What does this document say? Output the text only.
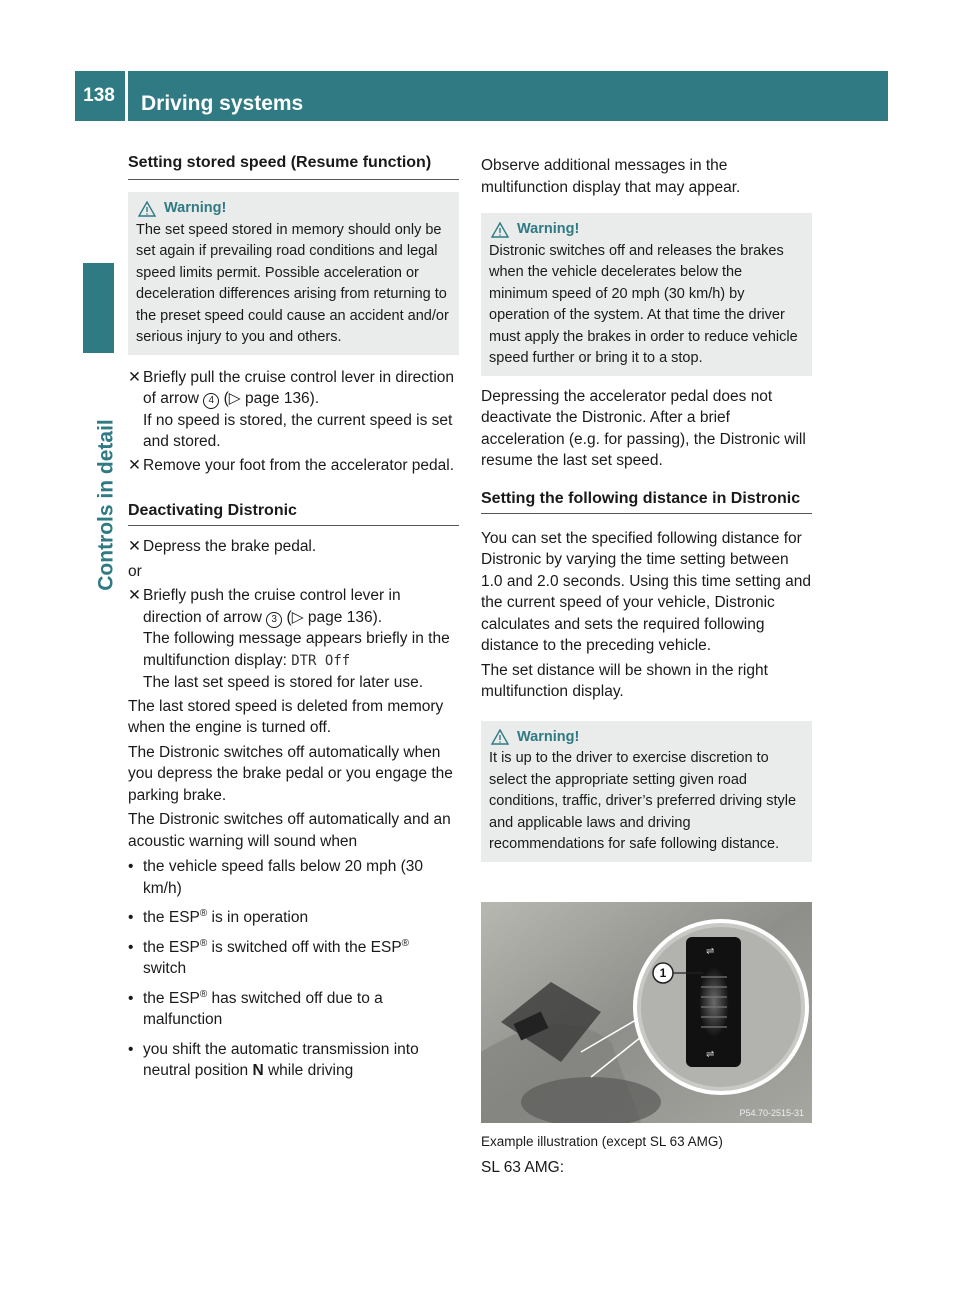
138	Driving systems
Controls in detail
Setting stored speed (Resume function)
Warning!

The set speed stored in memory should only be set again if prevailing road conditions and legal speed limits permit. Possible acceleration or deceleration differences arising from returning to the preset speed could cause an accident and/or serious injury to you and others.

✕ Briefly pull the cruise control lever in direction of arrow 4 (▷ page 136).

If no speed is stored, the current speed is set and stored.

✕ Remove your foot from the accelerator pedal.

Deactivating Distronic
✕ Depress the brake pedal.

or

✕ Briefly push the cruise control lever in direction of arrow 3 (▷ page 136).

The following message appears briefly in the multifunction display: DTR Off

The last set speed is stored for later use.

The last stored speed is deleted from memory when the engine is turned off.

The Distronic switches off automatically when you depress the brake pedal or you engage the parking brake.

The Distronic switches off automatically and an acoustic warning will sound when

• the vehicle speed falls below 20 mph (30 km/h)

• the ESP® is in operation

• the ESP® is switched off with the ESP®
switch

• the ESP® has switched off due to a malfunction

• you shift the automatic transmission into neutral position N while driving

Observe additional messages in the multifunction display that may appear.

Warning!

Distronic switches off and releases the brakes when the vehicle decelerates below the minimum speed of 20 mph (30 km/h) by operation of the system. At that time the driver must apply the brakes in order to reduce vehicle speed further or bring it to a stop.

Depressing the accelerator pedal does not deactivate the Distronic. After a brief acceleration (e.g. for passing), the Distronic will resume the last set speed.

Setting the following distance in Distronic

You can set the specified following distance for Distronic by varying the time setting between 1.0 and 2.0 seconds. Using this time setting and the current speed of your vehicle, Distronic calculates and sets the required following distance to the preceding vehicle.

The set distance will be shown in the right multifunction display.

Warning!

It is up to the driver to exercise discretion to select the appropriate setting given road conditions, traffic, driver’s preferred driving style and applicable laws and driving recommendations for safe following distance.

⇌
⇌
1
P54.70-2515-31

Example illustration (except SL 63 AMG)

SL 63 AMG:
